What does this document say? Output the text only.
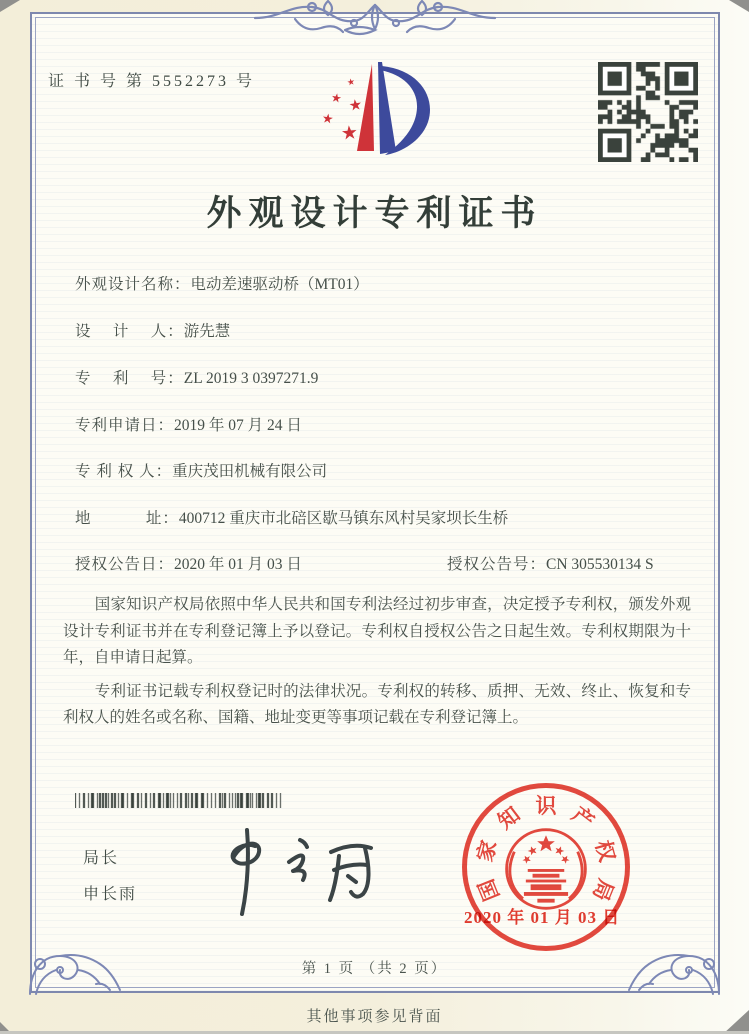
证 书 号 第 5552273 号	★
★ ★
★
★
外观设计专利证书
外观设计名称：电动差速驱动桥（MT01）
设　 计 　人：游先慧
专　 利 　号：ZL 2019 3 0397271.9
专利申请日：2019 年 07 月 24 日
专 利 权 人：重庆茂田机械有限公司
地　　　 址：400712 重庆市北碚区歇马镇东风村吴家坝长生桥
授权公告日：2020 年 01 月 03 日	授权公告号：CN 305530134 S

国家知识产权局依照中华人民共和国专利法经过初步审查，决定授予专利权，颁发外观设计专利证书并在专利登记簿上予以登记。专利权自授权公告之日起生效。专利权期限为十年，自申请日起算。

专利证书记载专利权登记时的法律状况。专利权的转移、质押、无效、终止、恢复和专利权人的姓名或名称、国籍、地址变更等事项记载在专利登记簿上。

局长
申长雨	国
家
知 识 产
权
局
2020 年 01 月 03 日
第 1 页 （共 2 页）
其他事项参见背面
